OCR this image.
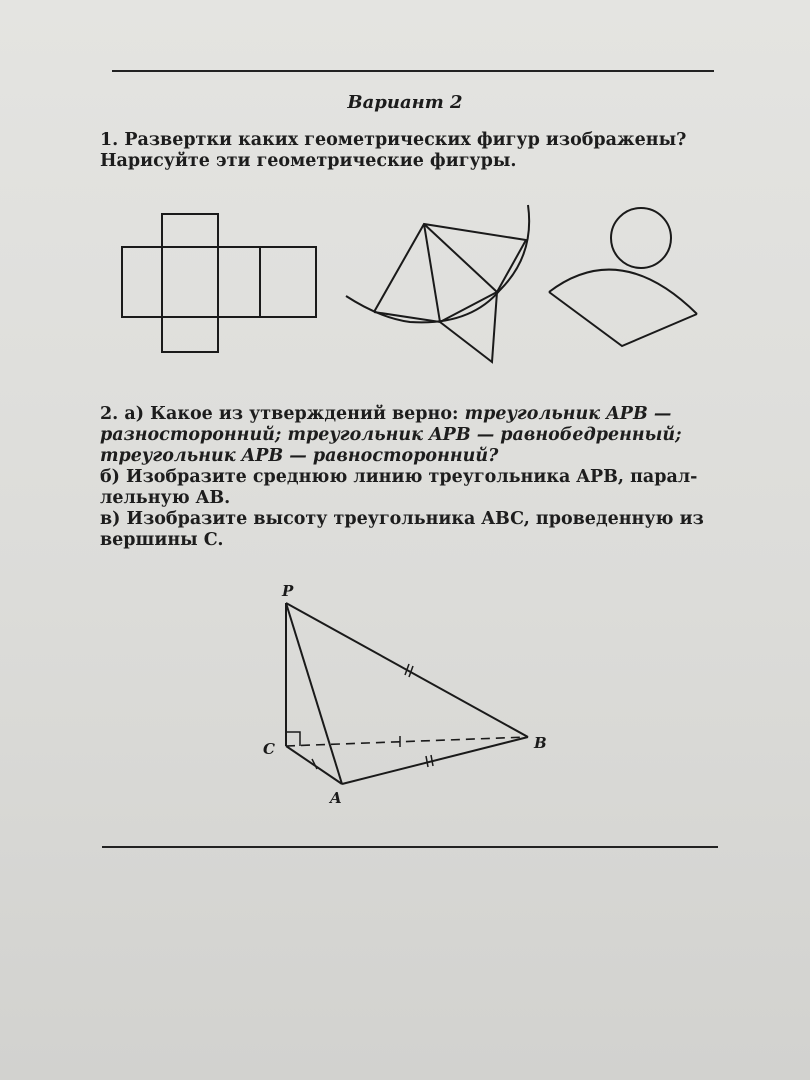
Вариант 2
1. Развертки каких геометрических фигур изображены?
Нарисуйте эти геометрические фигуры.
2. а) Какое из утверждений верно: треугольник APB —
разносторонний; треугольник APB — равнобедренный;
треугольник APB — равносторонний?
б) Изобразите среднюю линию треугольника APB, парал-
лельную AB.
в) Изобразите высоту треугольника ABC, проведенную из
вершины C.
P
C
A
B
